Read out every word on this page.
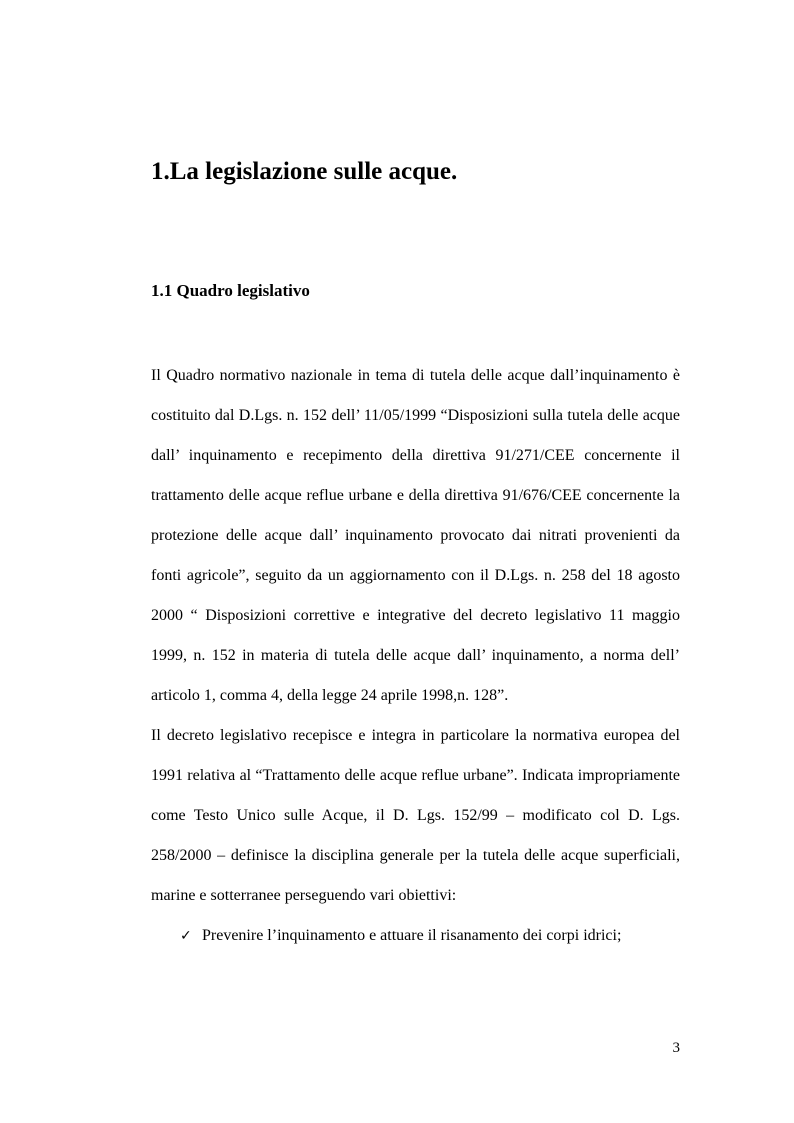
1.La legislazione sulle acque.
1.1 Quadro legislativo

Il Quadro normativo nazionale in tema di tutela delle acque dall’inquinamento è costituito dal D.Lgs. n. 152 dell’ 11/05/1999 “Disposizioni sulla tutela delle acque dall’ inquinamento e recepimento della direttiva 91/271/CEE concernente il trattamento delle acque reflue urbane e della direttiva 91/676/CEE concernente la protezione delle acque dall’ inquinamento provocato dai nitrati provenienti da fonti agricole”, seguito da un aggiornamento con il D.Lgs. n. 258 del 18 agosto 2000 “ Disposizioni correttive e integrative del decreto legislativo 11 maggio 1999, n. 152 in materia di tutela delle acque dall’ inquinamento, a norma dell’ articolo 1, comma 4, della legge 24 aprile 1998,n. 128”.

Il decreto legislativo recepisce e integra in particolare la normativa europea del 1991 relativa al “Trattamento delle acque reflue urbane”. Indicata impropriamente come Testo Unico sulle Acque, il D. Lgs. 152/99 – modificato col D. Lgs. 258/2000 – definisce la disciplina generale per la tutela delle acque superficiali, marine e sotterranee perseguendo vari obiettivi:

✓ Prevenire l’inquinamento e attuare il risanamento dei corpi idrici;
3
